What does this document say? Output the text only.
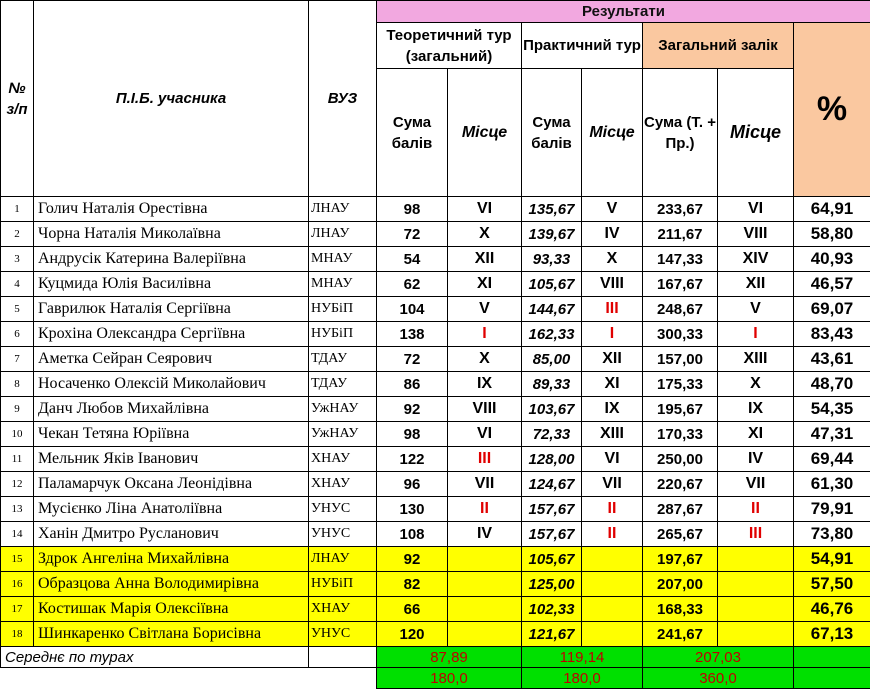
№ з/п	П.І.Б. учасника	ВУЗ	Результати						
			Теоретичний тур (загальний)		Практичний тур		Загальний залік		%
			Сума балів	Місце	Сума балів	Місце	Сума (Т. + Пр.)	Місце	
1	Голич Наталія Орестівна	ЛНАУ	98	VI	135,67	V	233,67	VI	64,91
2	Чорна Наталія Миколаївна	ЛНАУ	72	X	139,67	IV	211,67	VIII	58,80
3	Андрусік Катерина Валеріївна	МНАУ	54	XII	93,33	X	147,33	XIV	40,93
4	Куцмида Юлія Василівна	МНАУ	62	XI	105,67	VIII	167,67	XII	46,57
5	Гаврилюк Наталія Сергіївна	НУБіП	104	V	144,67	III	248,67	V	69,07
6	Крохіна Олександра Сергіївна	НУБіП	138	I	162,33	I	300,33	I	83,43
7	Аметка Сейран Сеярович	ТДАУ	72	X	85,00	XII	157,00	XIII	43,61
8	Носаченко Олексій Миколайович	ТДАУ	86	IX	89,33	XI	175,33	X	48,70
9	Данч Любов Михайлівна	УжНАУ	92	VIII	103,67	IX	195,67	IX	54,35
10	Чекан Тетяна Юріївна	УжНАУ	98	VI	72,33	XIII	170,33	XI	47,31
11	Мельник Яків Іванович	ХНАУ	122	III	128,00	VI	250,00	IV	69,44
12	Паламарчук Оксана Леонідівна	ХНАУ	96	VII	124,67	VII	220,67	VII	61,30
13	Мусієнко Ліна Анатоліївна	УНУС	130	II	157,67	II	287,67	II	79,91
14	Ханін Дмитро Русланович	УНУС	108	IV	157,67	II	265,67	III	73,80
15	Здрок Ангеліна Михайлівна	ЛНАУ	92		105,67		197,67		54,91
16	Образцова Анна Володимирівна	НУБіП	82		125,00		207,00		57,50
17	Костишак Марія Олексіївна	ХНАУ	66		102,33		168,33		46,76
18	Шинкаренко Світлана Борисівна	УНУС	120		121,67		241,67		67,13
Середнє по турах			87,89		119,14		207,03		
			180,0		180,0		360,0		
